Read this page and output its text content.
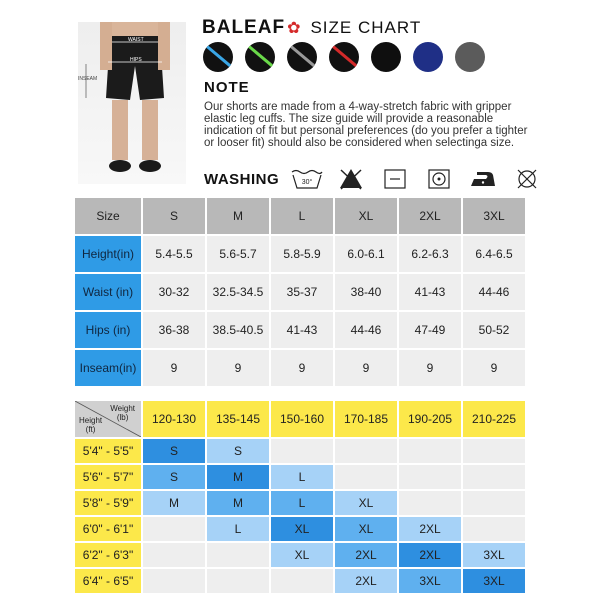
WAIST
HIPS
INSEAM
BALEAF ✿ SIZE CHART
NOTE
Our shorts are made from a 4-way-stretch fabric with gripper elastic leg cuffs. The size guide will provide a reasonable indication of fit but personal preferences (do you prefer a tighter or looser fit) should also be considered when selectinga size.
WASHING	30°
Size	S	M	L	XL	2XL	3XL
Height(in)	5.4-5.5	5.6-5.7	5.8-5.9	6.0-6.1	6.2-6.3	6.4-6.5
Waist (in)	30-32	32.5-34.5	35-37	38-40	41-43	44-46
Hips (in)	36-38	38.5-40.5	41-43	44-46	47-49	50-52
Inseam(in)	9	9	9	9	9	9
Weight
(lb)
Height
(ft)	120-130	135-145	150-160	170-185	190-205	210-225
5'4" - 5'5"	S	S				
5'6" - 5'7"	S	M	L			
5'8" - 5'9"	M	M	L	XL		
6'0" - 6'1"		L	XL	XL	2XL	
6'2" - 6'3"			XL	2XL	2XL	3XL
6'4" - 6'5"				2XL	3XL	3XL
